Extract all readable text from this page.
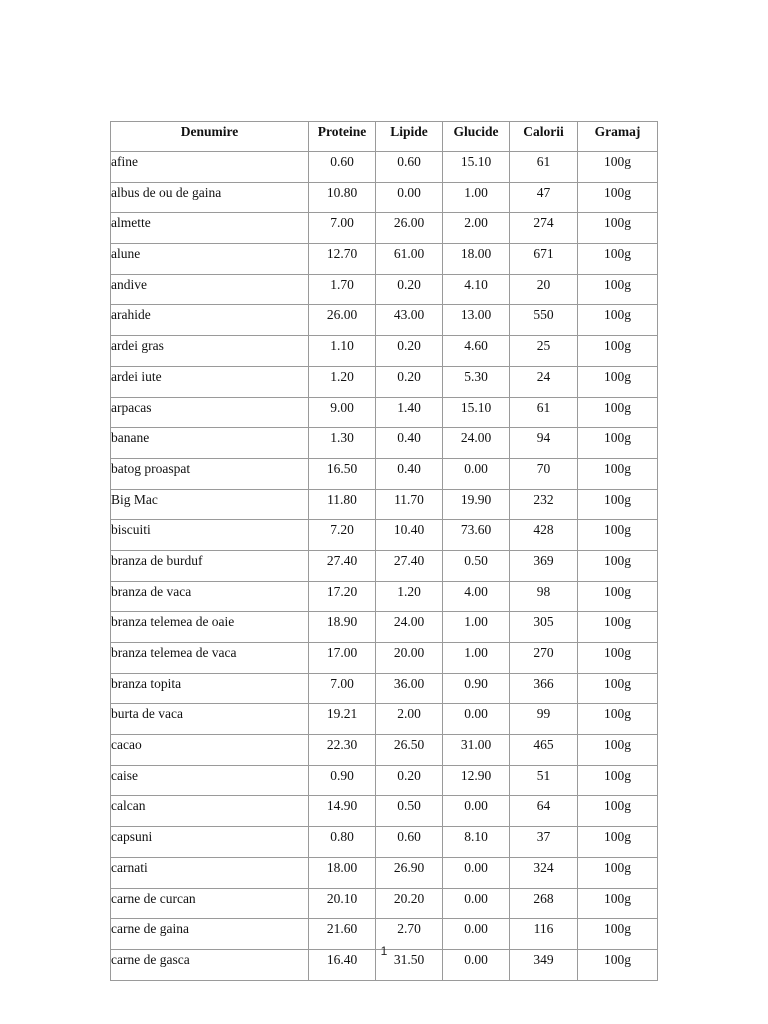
Denumire	Proteine	Lipide	Glucide	Calorii	Gramaj
afine	0.60	0.60	15.10	61	100g
albus de ou de gaina	10.80	0.00	1.00	47	100g
almette	7.00	26.00	2.00	274	100g
alune	12.70	61.00	18.00	671	100g
andive	1.70	0.20	4.10	20	100g
arahide	26.00	43.00	13.00	550	100g
ardei gras	1.10	0.20	4.60	25	100g
ardei iute	1.20	0.20	5.30	24	100g
arpacas	9.00	1.40	15.10	61	100g
banane	1.30	0.40	24.00	94	100g
batog proaspat	16.50	0.40	0.00	70	100g
Big Mac	11.80	11.70	19.90	232	100g
biscuiti	7.20	10.40	73.60	428	100g
branza de burduf	27.40	27.40	0.50	369	100g
branza de vaca	17.20	1.20	4.00	98	100g
branza telemea de oaie	18.90	24.00	1.00	305	100g
branza telemea de vaca	17.00	20.00	1.00	270	100g
branza topita	7.00	36.00	0.90	366	100g
burta de vaca	19.21	2.00	0.00	99	100g
cacao	22.30	26.50	31.00	465	100g
caise	0.90	0.20	12.90	51	100g
calcan	14.90	0.50	0.00	64	100g
capsuni	0.80	0.60	8.10	37	100g
carnati	18.00	26.90	0.00	324	100g
carne de curcan	20.10	20.20	0.00	268	100g
carne de gaina	21.60	2.70	0.00	116	100g
carne de gasca	16.40	31.50	0.00	349	100g
1
